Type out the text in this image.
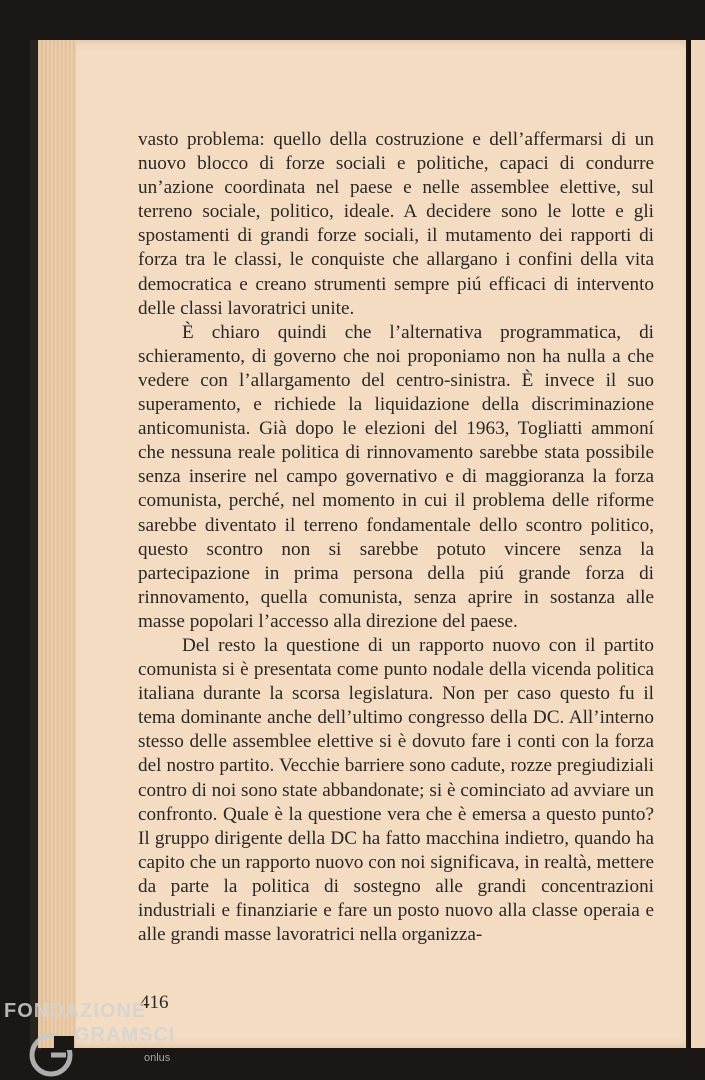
vasto problema: quello della costruzione e dell’affermarsi di un nuovo blocco di forze sociali e politiche, capaci di condurre un’azione coordinata nel paese e nelle assemblee elettive, sul terreno sociale, politico, ideale. A decidere sono le lotte e gli spostamenti di grandi forze sociali, il mutamento dei rapporti di forza tra le classi, le conquiste che allargano i confini della vita democratica e creano strumenti sempre piú efficaci di intervento delle classi lavoratrici unite.

È chiaro quindi che l’alternativa programmatica, di schieramento, di governo che noi proponiamo non ha nulla a che vedere con l’allargamento del centro-sinistra. È invece il suo superamento, e richiede la liquidazione della discriminazione anticomunista. Già dopo le elezioni del 1963, Togliatti ammoní che nessuna reale politica di rinnovamento sarebbe stata possibile senza inserire nel campo governativo e di maggioranza la forza comunista, perché, nel momento in cui il problema delle riforme sarebbe diventato il terreno fondamentale dello scontro politico, questo scontro non si sarebbe potuto vincere senza la partecipazione in prima persona della piú grande forza di rinnovamento, quella comunista, senza aprire in sostanza alle masse popolari l’accesso alla direzione del paese.

Del resto la questione di un rapporto nuovo con il partito comunista si è presentata come punto nodale della vicenda politica italiana durante la scorsa legislatura. Non per caso questo fu il tema dominante anche dell’ultimo congresso della DC. All’interno stesso delle assemblee elettive si è dovuto fare i conti con la forza del nostro partito. Vecchie barriere sono cadute, rozze pregiudiziali contro di noi sono state abbandonate; si è cominciato ad avviare un confronto. Quale è la questione vera che è emersa a questo punto? Il gruppo dirigente della DC ha fatto macchina indietro, quando ha capito che un rapporto nuovo con noi significava, in realtà, mettere da parte la politica di sostegno alle grandi concentrazioni industriali e finanziarie e fare un posto nuovo alla classe operaia e alle grandi masse lavoratrici nella organizza-

416
FONDAZIONE
GRAMSCI
onlus
